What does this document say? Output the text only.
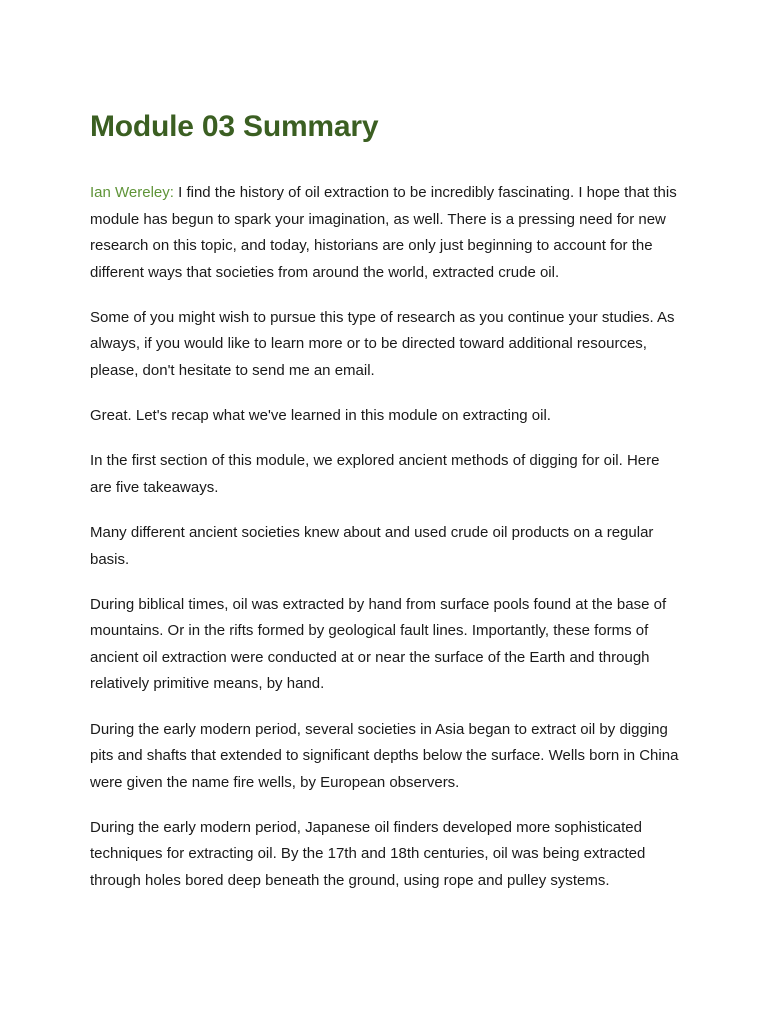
Module 03 Summary

Ian Wereley: I find the history of oil extraction to be incredibly fascinating. I hope that this module has begun to spark your imagination, as well. There is a pressing need for new research on this topic, and today, historians are only just beginning to account for the different ways that societies from around the world, extracted crude oil.

Some of you might wish to pursue this type of research as you continue your studies. As always, if you would like to learn more or to be directed toward additional resources, please, don't hesitate to send me an email.

Great. Let's recap what we've learned in this module on extracting oil.

In the first section of this module, we explored ancient methods of digging for oil. Here are five takeaways.

Many different ancient societies knew about and used crude oil products on a regular basis.

During biblical times, oil was extracted by hand from surface pools found at the base of mountains. Or in the rifts formed by geological fault lines. Importantly, these forms of ancient oil extraction were conducted at or near the surface of the Earth and through relatively primitive means, by hand.

During the early modern period, several societies in Asia began to extract oil by digging pits and shafts that extended to significant depths below the surface. Wells born in China were given the name fire wells, by European observers.

During the early modern period, Japanese oil finders developed more sophisticated techniques for extracting oil. By the 17th and 18th centuries, oil was being extracted through holes bored deep beneath the ground, using rope and pulley systems.
